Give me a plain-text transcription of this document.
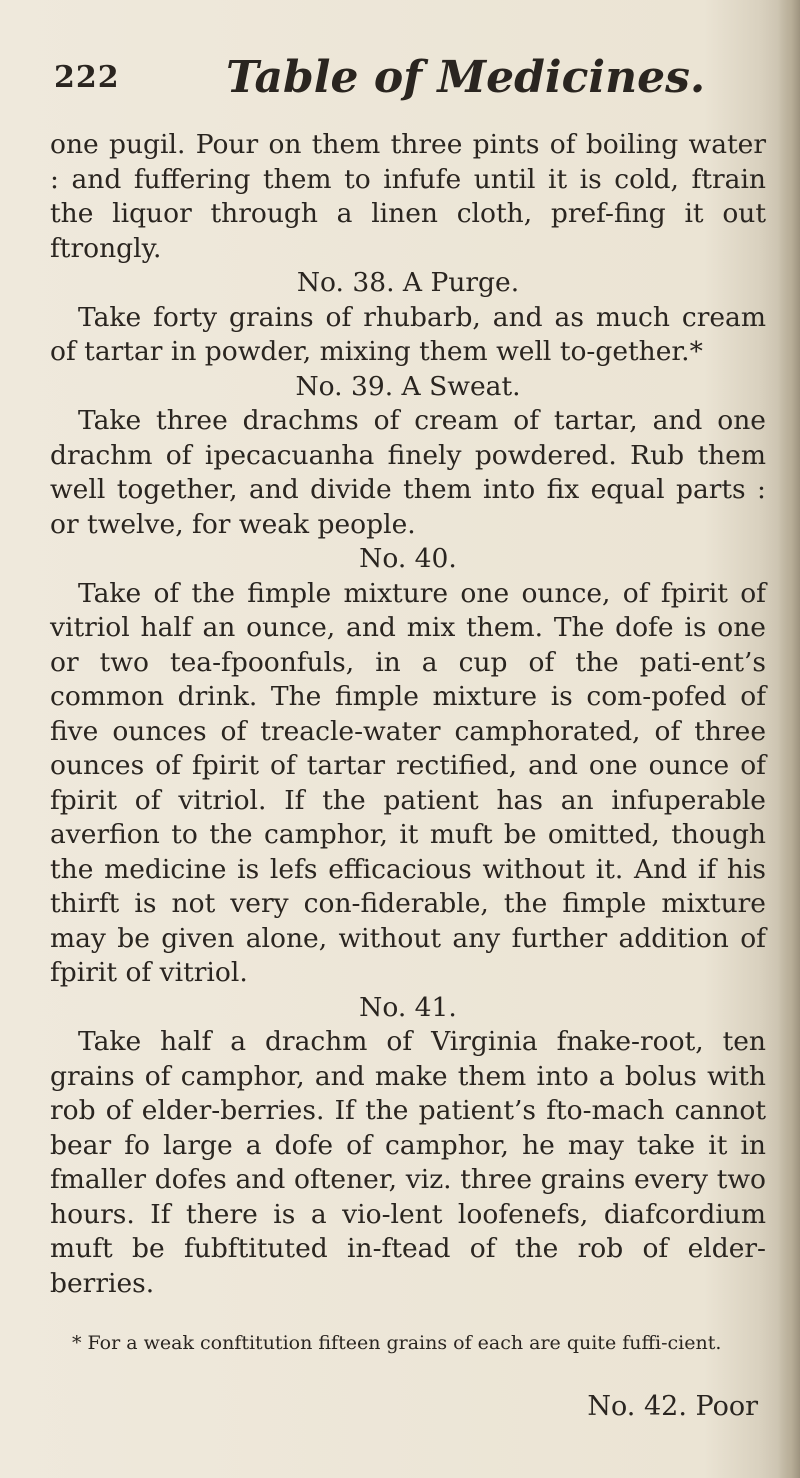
222 Table of Medicines.

one pugil. Pour on them three pints of boiling water : and fuffering them to infufe until it is cold, ftrain the liquor through a linen cloth, pref-fing it out ftrongly.

No. 38. A Purge.

Take forty grains of rhubarb, and as much cream of tartar in powder, mixing them well to-gether.*

No. 39. A Sweat.

Take three drachms of cream of tartar, and one drachm of ipecacuanha finely powdered. Rub them well together, and divide them into fix equal parts : or twelve, for weak people.

No. 40.

Take of the fimple mixture one ounce, of fpirit of vitriol half an ounce, and mix them. The dofe is one or two tea-fpoonfuls, in a cup of the pati-ent’s common drink. The fimple mixture is com-pofed of five ounces of treacle-water camphorated, of three ounces of fpirit of tartar rectified, and one ounce of fpirit of vitriol. If the patient has an infuperable averfion to the camphor, it muft be omitted, though the medicine is lefs efficacious without it. And if his thirft is not very con-fiderable, the fimple mixture may be given alone, without any further addition of fpirit of vitriol.

No. 41.

Take half a drachm of Virginia fnake-root, ten grains of camphor, and make them into a bolus with rob of elder-berries. If the patient’s fto-mach cannot bear fo large a dofe of camphor, he may take it in fmaller dofes and oftener, viz. three grains every two hours. If there is a vio-lent loofenefs, diafcordium muft be fubftituted in-ftead of the rob of elder-berries.

* For a weak conftitution fifteen grains of each are quite fuffi-cient.
No. 42. Poor
